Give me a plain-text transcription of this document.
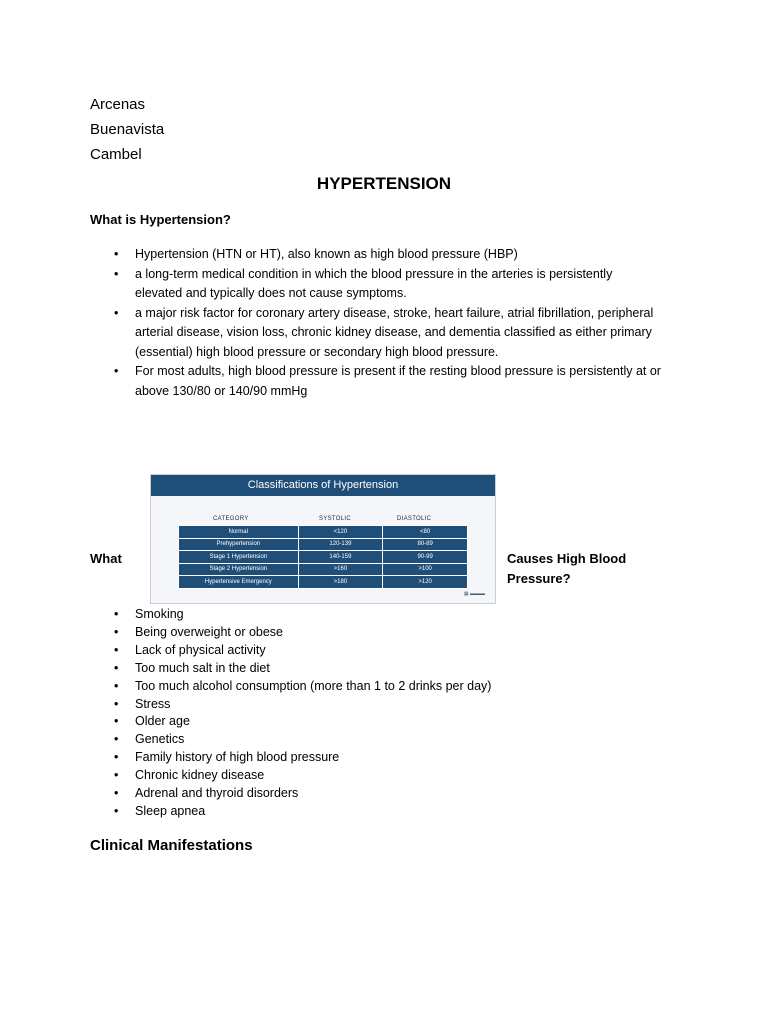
Arcenas
Buenavista
Cambel
HYPERTENSION
What is Hypertension?
• Hypertension (HTN or HT), also known as high blood pressure (HBP)
• a long-term medical condition in which the blood pressure in the arteries is persistently
elevated and typically does not cause symptoms.
• a major risk factor for coronary artery disease, stroke, heart failure, atrial fibrillation, peripheral
arterial disease, vision loss, chronic kidney disease, and dementia classified as either primary
(essential) high blood pressure or secondary high blood pressure.
• For most adults, high blood pressure is present if the resting blood pressure is persistently at or
above 130/80 or 140/90 mmHg
Classifications of Hypertension
CATEGORY	SYSTOLIC	DIASTOLIC
Normal	<120	<80
Prehypertension	120-139	80-89
Stage 1 Hypertension	140-159	90-99
Stage 2 Hypertension	>160	>100
Hypertensive Emergency	>180	>120
▦ ▬▬▬
What	Causes High Blood
Pressure?
• Smoking
• Being overweight or obese
• Lack of physical activity
• Too much salt in the diet
• Too much alcohol consumption (more than 1 to 2 drinks per day)
• Stress
• Older age
• Genetics
• Family history of high blood pressure
• Chronic kidney disease
• Adrenal and thyroid disorders
• Sleep apnea
Clinical Manifestations
